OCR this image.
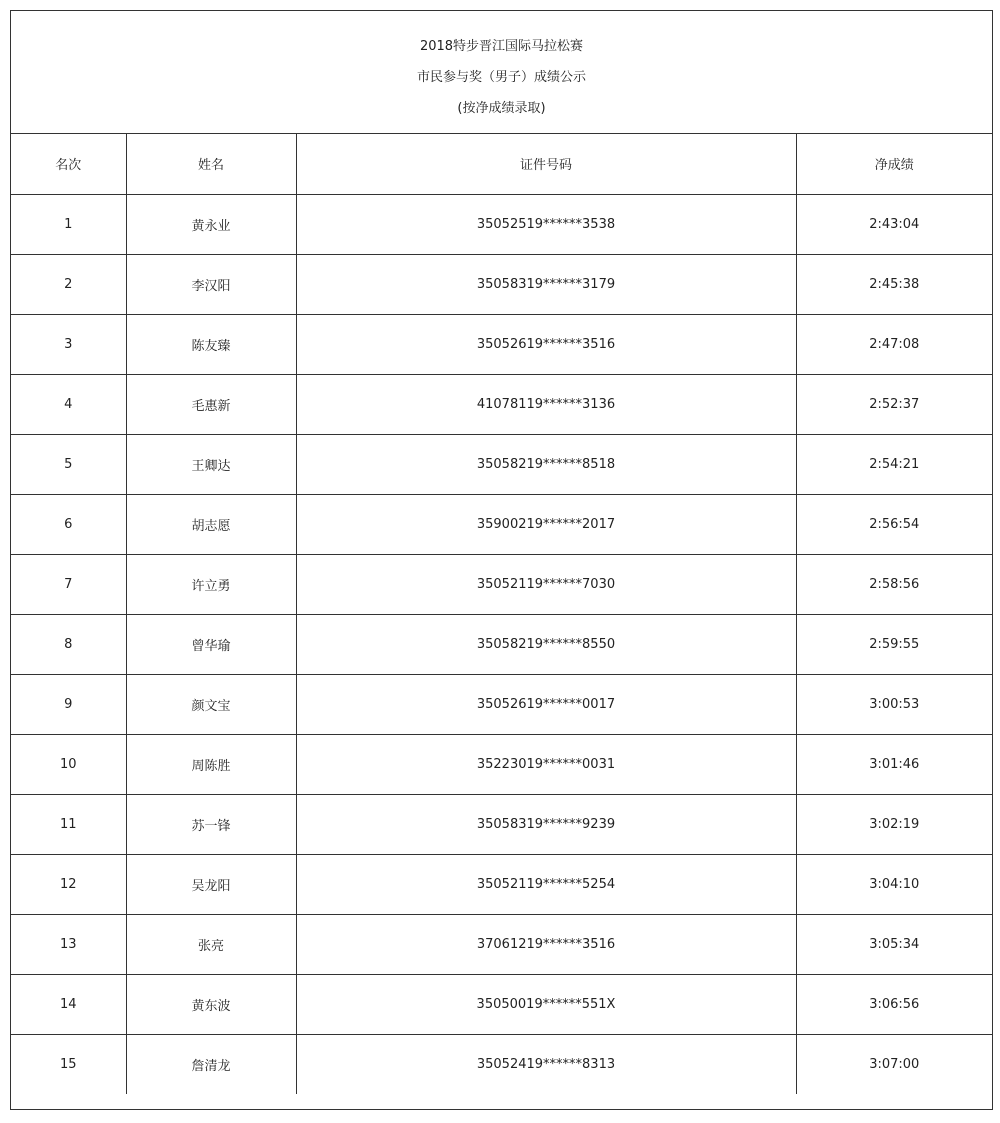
2018特步晋江国际马拉松赛
市民参与奖（男子）成绩公示
(按净成绩录取)
名次	姓名	证件号码	净成绩
1	黄永业	35052519******3538	2:43:04
2	李汉阳	35058319******3179	2:45:38
3	陈友臻	35052619******3516	2:47:08
4	毛惠新	41078119******3136	2:52:37
5	王卿达	35058219******8518	2:54:21
6	胡志愿	35900219******2017	2:56:54
7	许立勇	35052119******7030	2:58:56
8	曾华瑜	35058219******8550	2:59:55
9	颜文宝	35052619******0017	3:00:53
10	周陈胜	35223019******0031	3:01:46
11	苏一锋	35058319******9239	3:02:19
12	吴龙阳	35052119******5254	3:04:10
13	张亮	37061219******3516	3:05:34
14	黄东波	35050019******551X	3:06:56
15	詹清龙	35052419******8313	3:07:00
